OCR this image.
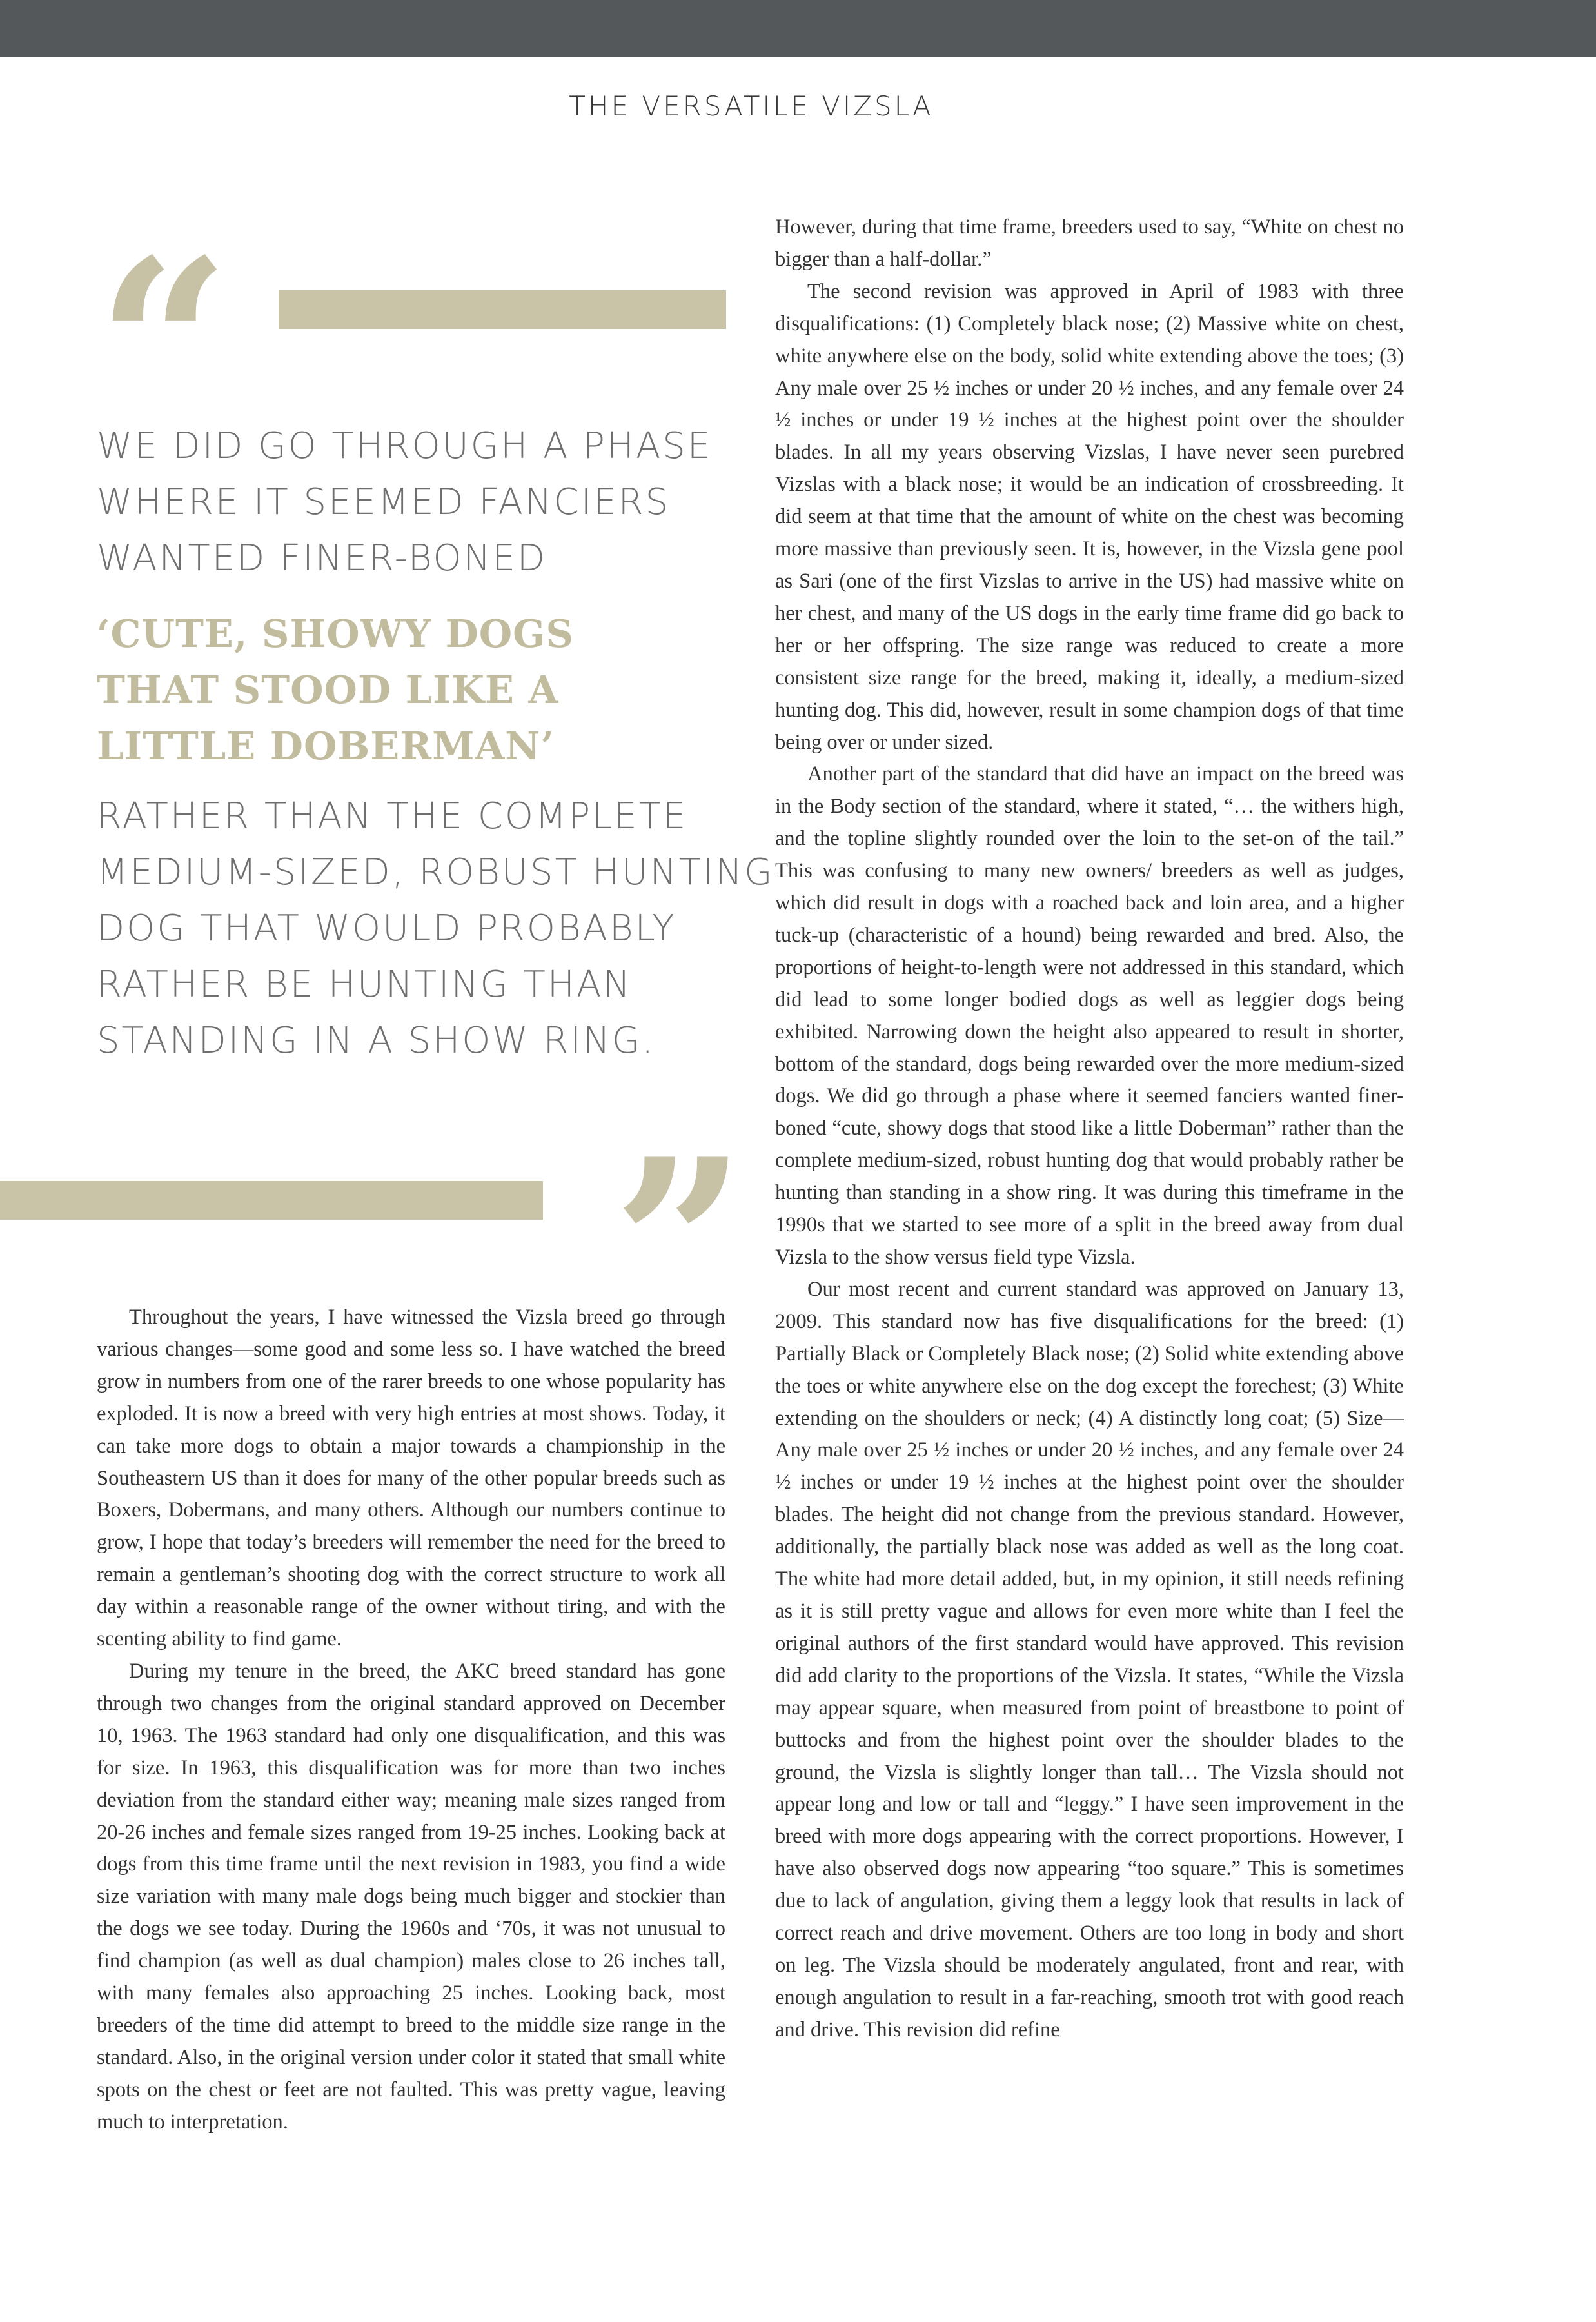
THE VERSATILE VIZSLA
“
WE DID GO THROUGH A PHASE
WHERE IT SEEMED FANCIERS
WANTED FINER-BONED
‘CUTE, SHOWY DOGS
THAT STOOD LIKE A
LITTLE DOBERMAN’
RATHER THAN THE COMPLETE
MEDIUM-SIZED, ROBUST HUNTING
DOG THAT WOULD PROBABLY
RATHER BE HUNTING THAN
STANDING IN A SHOW RING.
”

Throughout the years, I have witnessed the Vizsla breed go through various changes—some good and some less so. I have watched the breed grow in numbers from one of the rarer breeds to one whose popularity has exploded. It is now a breed with very high entries at most shows. Today, it can take more dogs to obtain a major towards a championship in the Southeastern US than it does for many of the other popular breeds such as Boxers, Dobermans, and many others. Although our numbers continue to grow, I hope that today’s breeders will remember the need for the breed to remain a gentleman’s shooting dog with the correct structure to work all day within a reasonable range of the owner without tiring, and with the scenting ability to find game.

During my tenure in the breed, the AKC breed standard has gone through two changes from the original standard approved on December 10, 1963. The 1963 standard had only one disqualification, and this was for size. In 1963, this disqualification was for more than two inches deviation from the standard either way; meaning male sizes ranged from 20-26 inches and female sizes ranged from 19-25 inches. Looking back at dogs from this time frame until the next revision in 1983, you find a wide size variation with many male dogs being much bigger and stockier than the dogs we see today. During the 1960s and ‘70s, it was not unusual to find champion (as well as dual champion) males close to 26 inches tall, with many females also approaching 25 inches. Looking back, most breeders of the time did attempt to breed to the middle size range in the standard. Also, in the original version under color it stated that small white spots on the chest or feet are not faulted. This was pretty vague, leaving much to interpretation.

However, during that time frame, breeders used to say, “White on chest no bigger than a half-dollar.”

The second revision was approved in April of 1983 with three disqualifications: (1) Completely black nose; (2) Massive white on chest, white anywhere else on the body, solid white extending above the toes; (3) Any male over 25 ½ inches or under 20 ½ inches, and any female over 24 ½ inches or under 19 ½ inches at the highest point over the shoulder blades. In all my years observing Vizslas, I have never seen purebred Vizslas with a black nose; it would be an indication of crossbreeding. It did seem at that time that the amount of white on the chest was becoming more massive than previously seen. It is, however, in the Vizsla gene pool as Sari (one of the first Vizslas to arrive in the US) had massive white on her chest, and many of the US dogs in the early time frame did go back to her or her offspring. The size range was reduced to create a more consistent size range for the breed, making it, ideally, a medium-sized hunting dog. This did, however, result in some champion dogs of that time being over or under sized.

Another part of the standard that did have an impact on the breed was in the Body section of the standard, where it stated, “… the withers high, and the topline slightly rounded over the loin to the set-on of the tail.” This was confusing to many new owners/ breeders as well as judges, which did result in dogs with a roached back and loin area, and a higher tuck-up (characteristic of a hound) being rewarded and bred. Also, the proportions of height-to-length were not addressed in this standard, which did lead to some longer bodied dogs as well as leggier dogs being exhibited. Narrowing down the height also appeared to result in shorter, bottom of the standard, dogs being rewarded over the more medium-sized dogs. We did go through a phase where it seemed fanciers wanted finer-boned “cute, showy dogs that stood like a little Doberman” rather than the complete medium-sized, robust hunting dog that would probably rather be hunting than standing in a show ring. It was during this timeframe in the 1990s that we started to see more of a split in the breed away from dual Vizsla to the show versus field type Vizsla.

Our most recent and current standard was approved on January 13, 2009. This standard now has five disqualifications for the breed: (1) Partially Black or Completely Black nose; (2) Solid white extending above the toes or white anywhere else on the dog except the forechest; (3) White extending on the shoulders or neck; (4) A distinctly long coat; (5) Size—Any male over 25 ½ inches or under 20 ½ inches, and any female over 24 ½ inches or under 19 ½ inches at the highest point over the shoulder blades. The height did not change from the previous standard. However, additionally, the partially black nose was added as well as the long coat. The white had more detail added, but, in my opinion, it still needs refining as it is still pretty vague and allows for even more white than I feel the original authors of the first standard would have approved. This revision did add clarity to the proportions of the Vizsla. It states, “While the Vizsla may appear square, when measured from point of breastbone to point of buttocks and from the highest point over the shoulder blades to the ground, the Vizsla is slightly longer than tall… The Vizsla should not appear long and low or tall and “leggy.” I have seen improvement in the breed with more dogs appearing with the correct proportions. However, I have also observed dogs now appearing “too square.” This is sometimes due to lack of angulation, giving them a leggy look that results in lack of correct reach and drive movement. Others are too long in body and short on leg. The Vizsla should be moderately angulated, front and rear, with enough angulation to result in a far-reaching, smooth trot with good reach and drive. This revision did refine
